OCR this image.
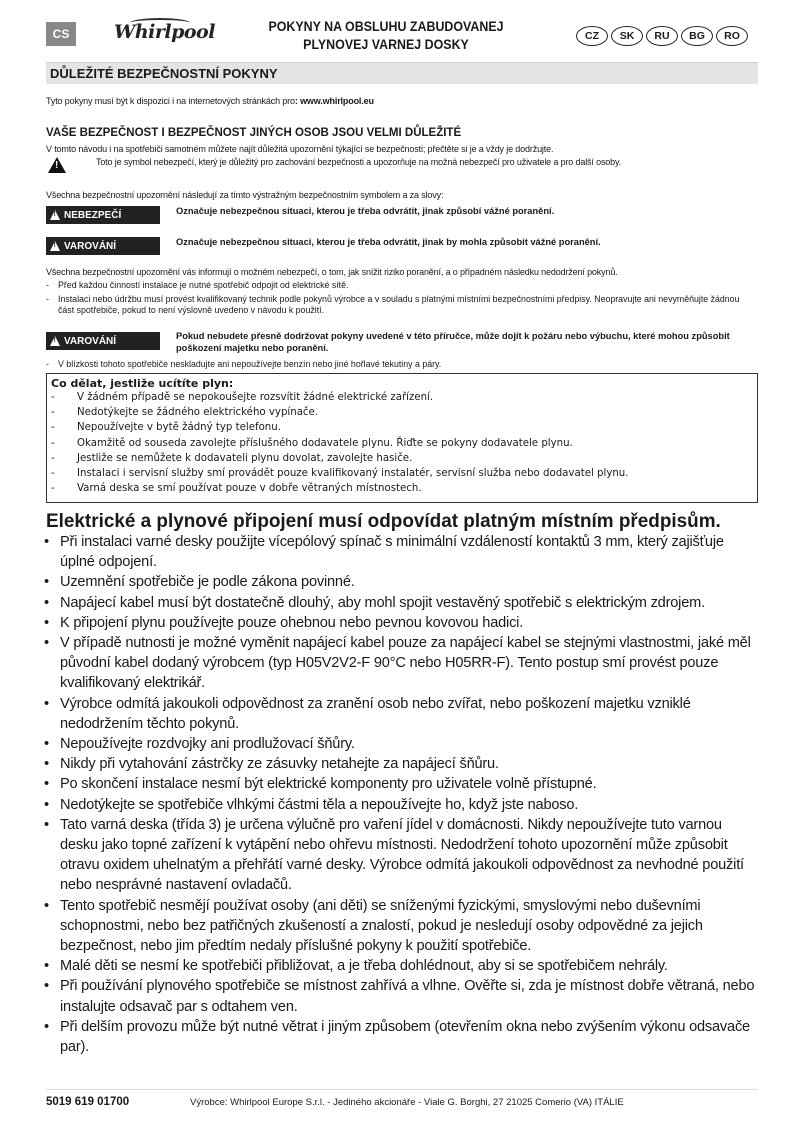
CS	Whirlpool	POKYNY NA OBSLUHU ZABUDOVANEJ
PLYNOVEJ VARNEJ DOSKY
CZ	SK	RU	BG	RO
DŮLEŽITÉ BEZPEČNOSTNÍ POKYNY
Tyto pokyny musí být k dispozici i na internetových stránkách pro: www.whirlpool.eu
VAŠE BEZPEČNOST I BEZPEČNOST JINÝCH OSOB JSOU VELMI DŮLEŽITÉ
V tomto návodu i na spotřebiči samotném můžete najít důležitá upozornění týkající se bezpečnosti; přečtěte si je a vždy je dodržujte.
!
Toto je symbol nebezpečí, který je důležitý pro zachování bezpečnosti a upozorňuje na možná nebezpečí pro uživatele a pro další osoby.
Všechna bezpečnostní upozornění následují za tímto výstražným bezpečnostním symbolem a za slovy:
!
NEBEZPEČÍ	Označuje nebezpečnou situaci, kterou je třeba odvrátit, jinak způsobí vážné poranění.
!
VAROVÁNÍ	Označuje nebezpečnou situaci, kterou je třeba odvrátit, jinak by mohla způsobit vážné poranění.
Všechna bezpečnostní upozornění vás informují o možném nebezpečí, o tom, jak snížit riziko poranění, a o případném následku nedodržení pokynů.
-	Před každou činností instalace je nutné spotřebič odpojit od elektrické sítě.
-	Instalaci nebo údržbu musí provést kvalifikovaný technik podle pokynů výrobce a v souladu s platnými místními bezpečnostními předpisy. Neopravujte ani nevyměňujte žádnou část spotřebiče, pokud to není výslovně uvedeno v návodu k použití.
!
VAROVÁNÍ	Pokud nebudete přesně dodržovat pokyny uvedené v této příručce, může dojít k požáru nebo výbuchu, které mohou způsobit poškození majetku nebo poranění.
-	V blízkosti tohoto spotřebiče neskladujte ani nepoužívejte benzín nebo jiné hořlavé tekutiny a páry.
Co dělat, jestliže ucítíte plyn:
-	V žádném případě se nepokoušejte rozsvítit žádné elektrické zařízení.
-	Nedotýkejte se žádného elektrického vypínače.
-	Nepoužívejte v bytě žádný typ telefonu.
-	Okamžitě od souseda zavolejte příslušného dodavatele plynu. Řiďte se pokyny dodavatele plynu.
-	Jestliže se nemůžete k dodavateli plynu dovolat, zavolejte hasiče.
-	Instalaci i servisní služby smí provádět pouze kvalifikovaný instalatér, servisní služba nebo dodavatel plynu.
-	Varná deska se smí používat pouze v dobře větraných místnostech.
Elektrické a plynové připojení musí odpovídat platným místním předpisům.
• Při instalaci varné desky použijte vícepólový spínač s minimální vzdáleností kontaktů 3 mm, který zajišťuje úplné odpojení.
• Uzemnění spotřebiče je podle zákona povinné.
• Napájecí kabel musí být dostatečně dlouhý, aby mohl spojit vestavěný spotřebič s elektrickým zdrojem.
• K připojení plynu používejte pouze ohebnou nebo pevnou kovovou hadici.
• V případě nutnosti je možné vyměnit napájecí kabel pouze za napájecí kabel se stejnými vlastnostmi, jaké měl původní kabel dodaný výrobcem (typ H05V2V2-F 90°C nebo H05RR-F). Tento postup smí provést pouze kvalifikovaný elektrikář.
• Výrobce odmítá jakoukoli odpovědnost za zranění osob nebo zvířat, nebo poškození majetku vzniklé nedodržením těchto pokynů.
• Nepoužívejte rozdvojky ani prodlužovací šňůry.
• Nikdy při vytahování zástrčky ze zásuvky netahejte za napájecí šňůru.
• Po skončení instalace nesmí být elektrické komponenty pro uživatele volně přístupné.
• Nedotýkejte se spotřebiče vlhkými částmi těla a nepoužívejte ho, když jste naboso.
• Tato varná deska (třída 3) je určena výlučně pro vaření jídel v domácnosti. Nikdy nepoužívejte tuto varnou desku jako topné zařízení k vytápění nebo ohřevu místnosti. Nedodržení tohoto upozornění může způsobit otravu oxidem uhelnatým a přehřátí varné desky. Výrobce odmítá jakoukoli odpovědnost za nevhodné použití nebo nesprávné nastavení ovladačů.
• Tento spotřebič nesmějí používat osoby (ani děti) se sníženými fyzickými, smyslovými nebo duševními schopnostmi, nebo bez patřičných zkušeností a znalostí, pokud je nesledují osoby odpovědné za jejich bezpečnost, nebo jim předtím nedaly příslušné pokyny k použití spotřebiče.
• Malé děti se nesmí ke spotřebiči přibližovat, a je třeba dohlédnout, aby si se spotřebičem nehrály.
• Při používání plynového spotřebiče se místnost zahřívá a vlhne. Ověřte si, zda je místnost dobře větraná, nebo instalujte odsavač par s odtahem ven.
• Při delším provozu může být nutné větrat i jiným způsobem (otevřením okna nebo zvýšením výkonu odsavače par).
5019 619 01700	Výrobce: Whirlpool Europe S.r.l. - Jediného akcionáře - Viale G. Borghi, 27 21025 Comerio (VA) ITÁLIE
